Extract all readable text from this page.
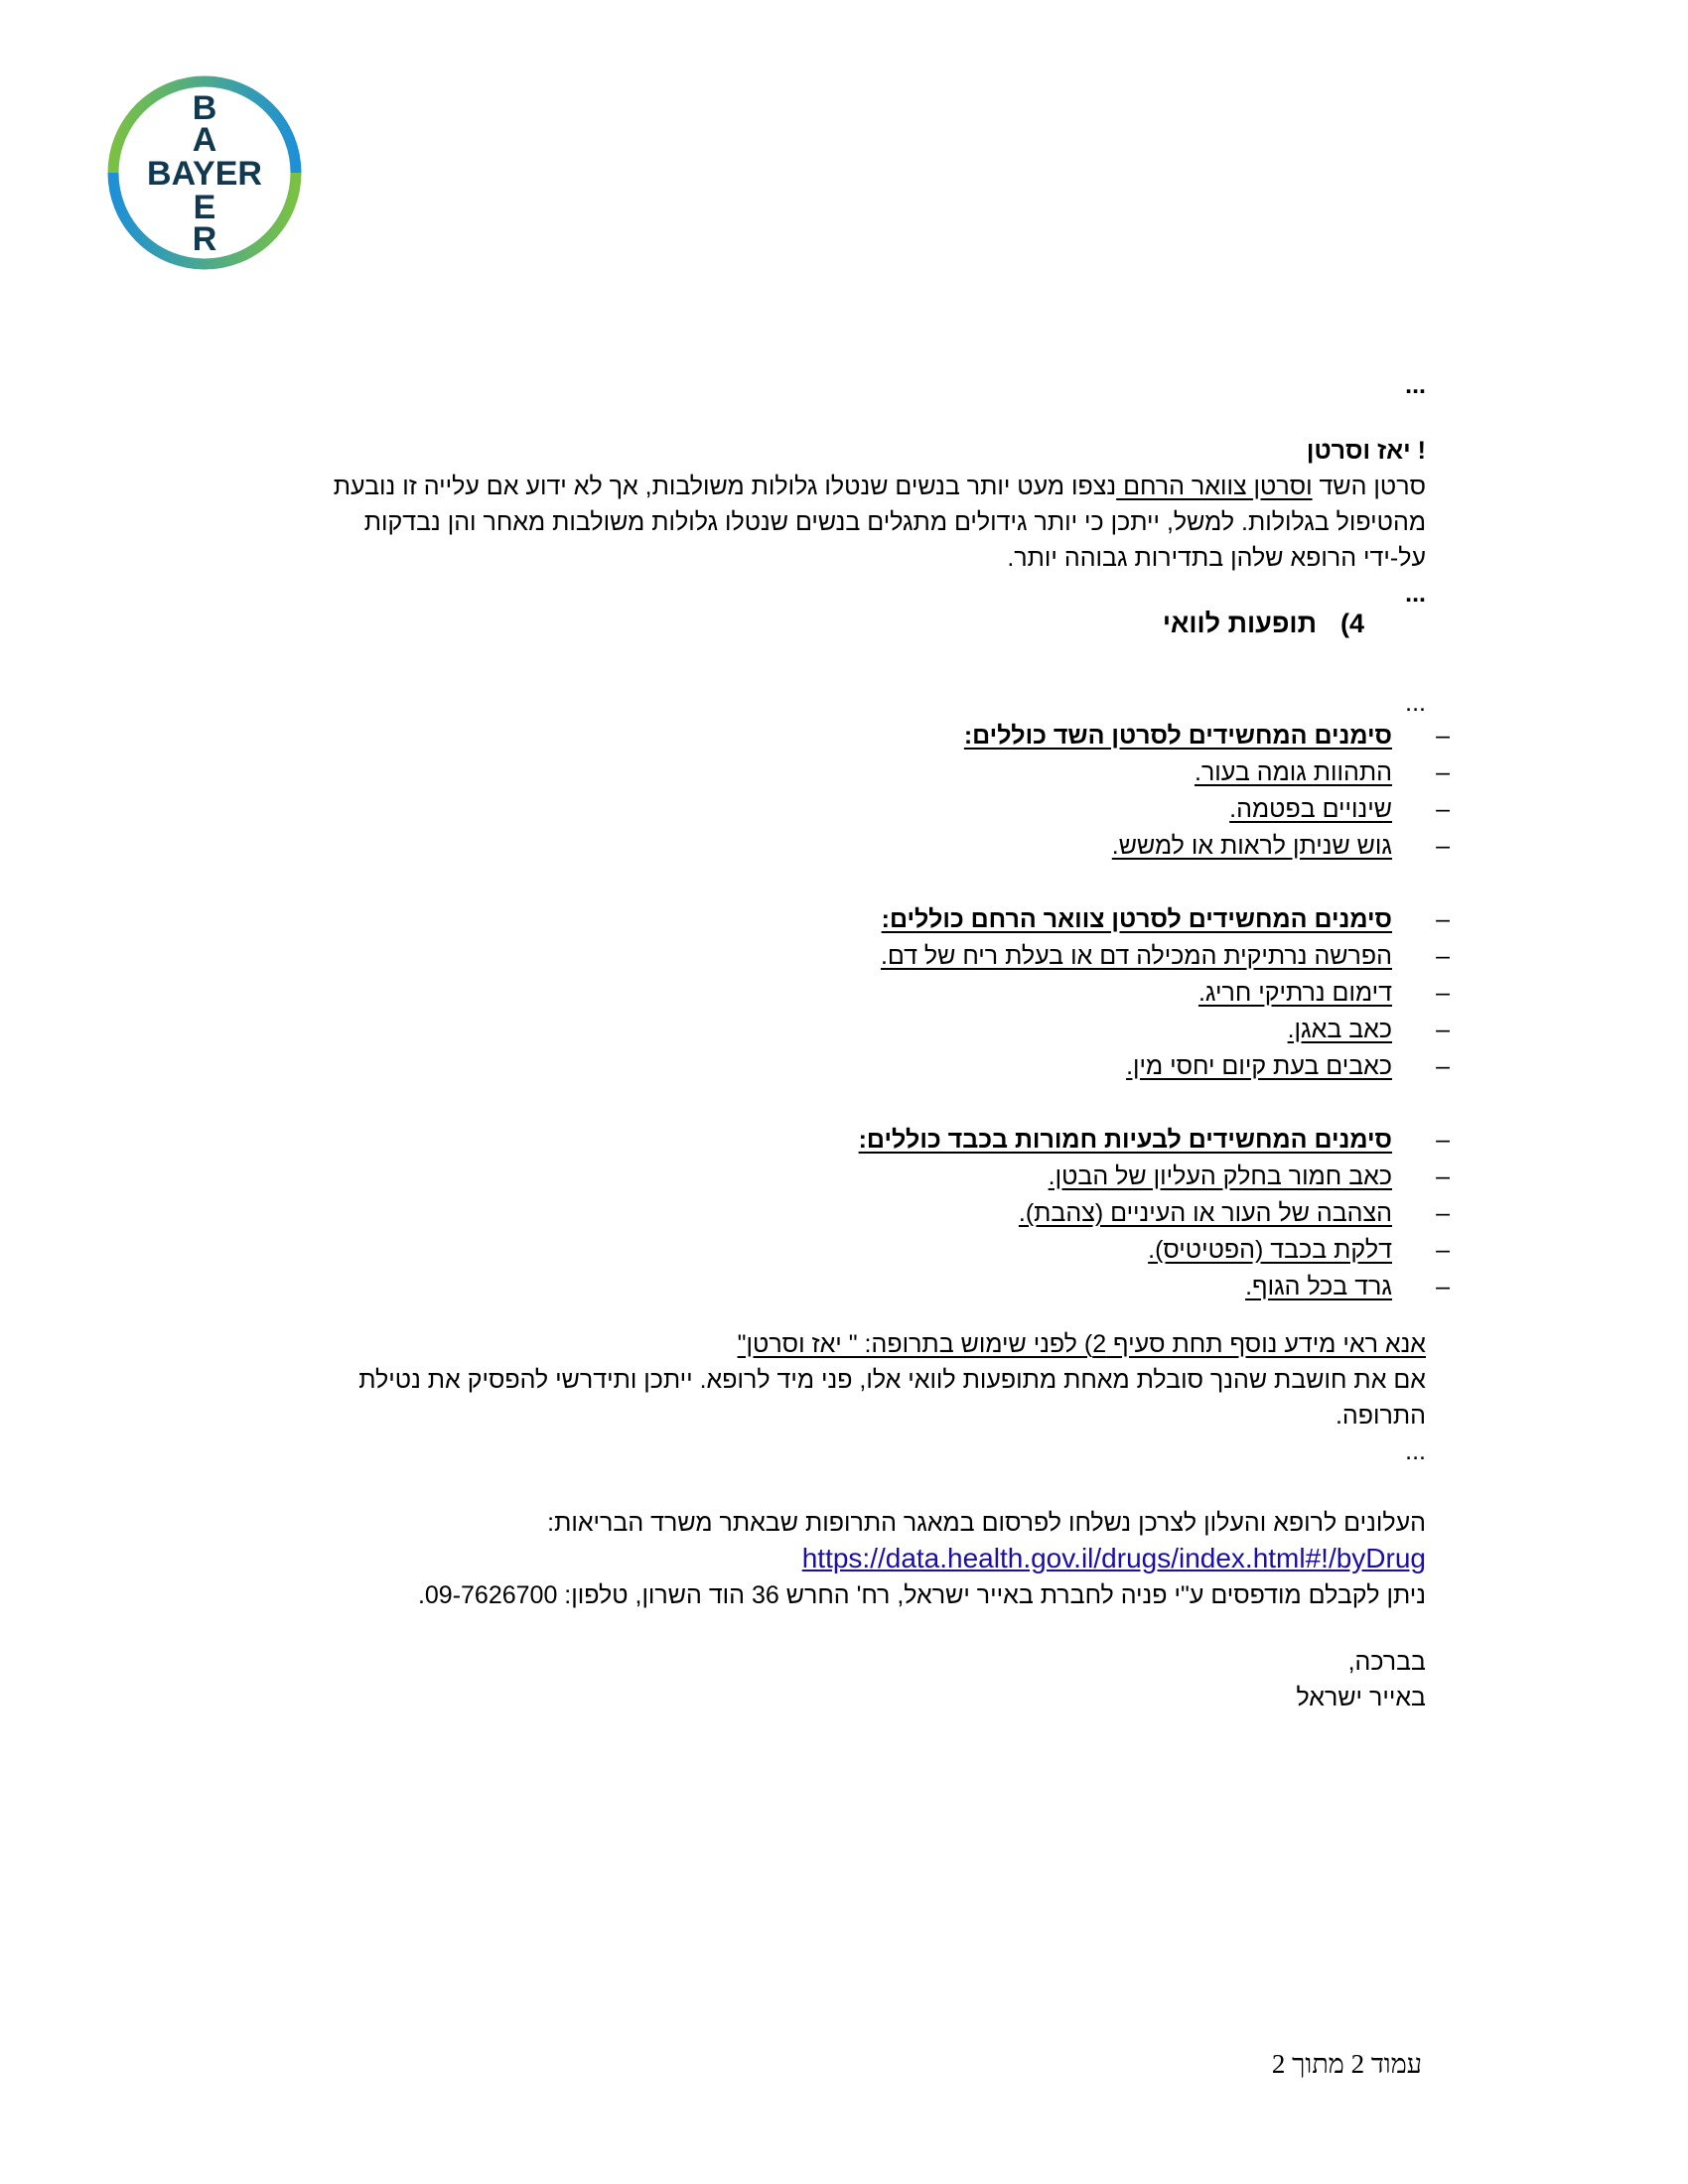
B
A
BAYER
E
R
...
! יאז וסרטן
סרטן השד וסרטן צוואר הרחם נצפו מעט יותר בנשים שנטלו גלולות משולבות, אך לא ידוע אם עלייה זו נובעת
מהטיפול בגלולות. למשל, ייתכן כי יותר גידולים מתגלים בנשים שנטלו גלולות משולבות מאחר והן נבדקות
על-ידי הרופא שלהן בתדירות גבוהה יותר.
...
4)תופעות לוואי
...
–
סימנים המחשידים לסרטן השד כוללים:
–
התהוות גומה בעור.
–
שינויים בפטמה.
–
גוש שניתן לראות או למשש.
–
סימנים המחשידים לסרטן צוואר הרחם כוללים:
–
הפרשה נרתיקית המכילה דם או בעלת ריח של דם.
–
דימום נרתיקי חריג.
–
כאב באגן.
–
כאבים בעת קיום יחסי מין.
–
סימנים המחשידים לבעיות חמורות בכבד כוללים:
–
כאב חמור בחלק העליון של הבטן.
–
הצהבה של העור או העיניים (צהבת).
–
דלקת בכבד (הפטיטיס).
–
גרד בכל הגוף.
אנא ראי מידע נוסף תחת סעיף 2) לפני שימוש בתרופה: " יאז וסרטן"
אם את חושבת שהנך סובלת מאחת מתופעות לוואי אלו, פני מיד לרופא. ייתכן ותידרשי להפסיק את נטילת
התרופה.
...
העלונים לרופא והעלון לצרכן נשלחו לפרסום במאגר התרופות שבאתר משרד הבריאות:
https://data.health.gov.il/drugs/index.html#!/byDrug
ניתן לקבלם מודפסים ע"י פניה לחברת באייר ישראל, רח' החרש 36 הוד השרון, טלפון: 09-7626700.
בברכה,
באייר ישראל
עמוד 2 מתוך 2
